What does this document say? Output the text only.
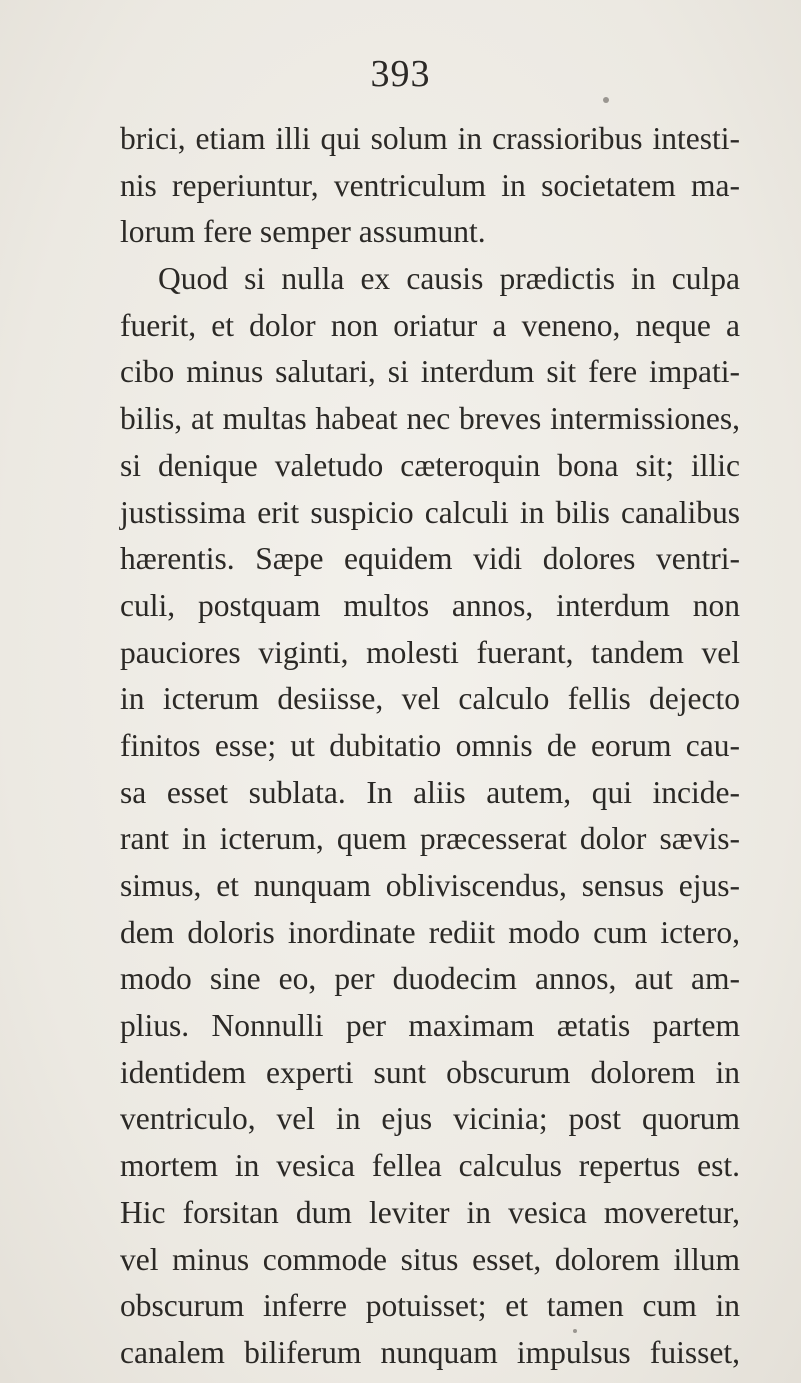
393
brici, etiam illi qui solum in crassioribus intesti-
nis reperiuntur, ventriculum in societatem ma-
lorum fere semper assumunt.
Quod si nulla ex causis prædictis in culpa
fuerit, et dolor non oriatur a veneno, neque a
cibo minus salutari, si interdum sit fere impati-
bilis, at multas habeat nec breves intermissiones,
si denique valetudo cæteroquin bona sit; illic
justissima erit suspicio calculi in bilis canalibus
hærentis. Sæpe equidem vidi dolores ventri-
culi, postquam multos annos, interdum non
pauciores viginti, molesti fuerant, tandem vel
in icterum desiisse, vel calculo fellis dejecto
finitos esse; ut dubitatio omnis de eorum cau-
sa esset sublata. In aliis autem, qui incide-
rant in icterum, quem præcesserat dolor sævis-
simus, et nunquam obliviscendus, sensus ejus-
dem doloris inordinate rediit modo cum ictero,
modo sine eo, per duodecim annos, aut am-
plius. Nonnulli per maximam ætatis partem
identidem experti sunt obscurum dolorem in
ventriculo, vel in ejus vicinia; post quorum
mortem in vesica fellea calculus repertus est.
Hic forsitan dum leviter in vesica moveretur,
vel minus commode situs esset, dolorem illum
obscurum inferre potuisset; et tamen cum in
canalem biliferum nunquam impulsus fuisset,
